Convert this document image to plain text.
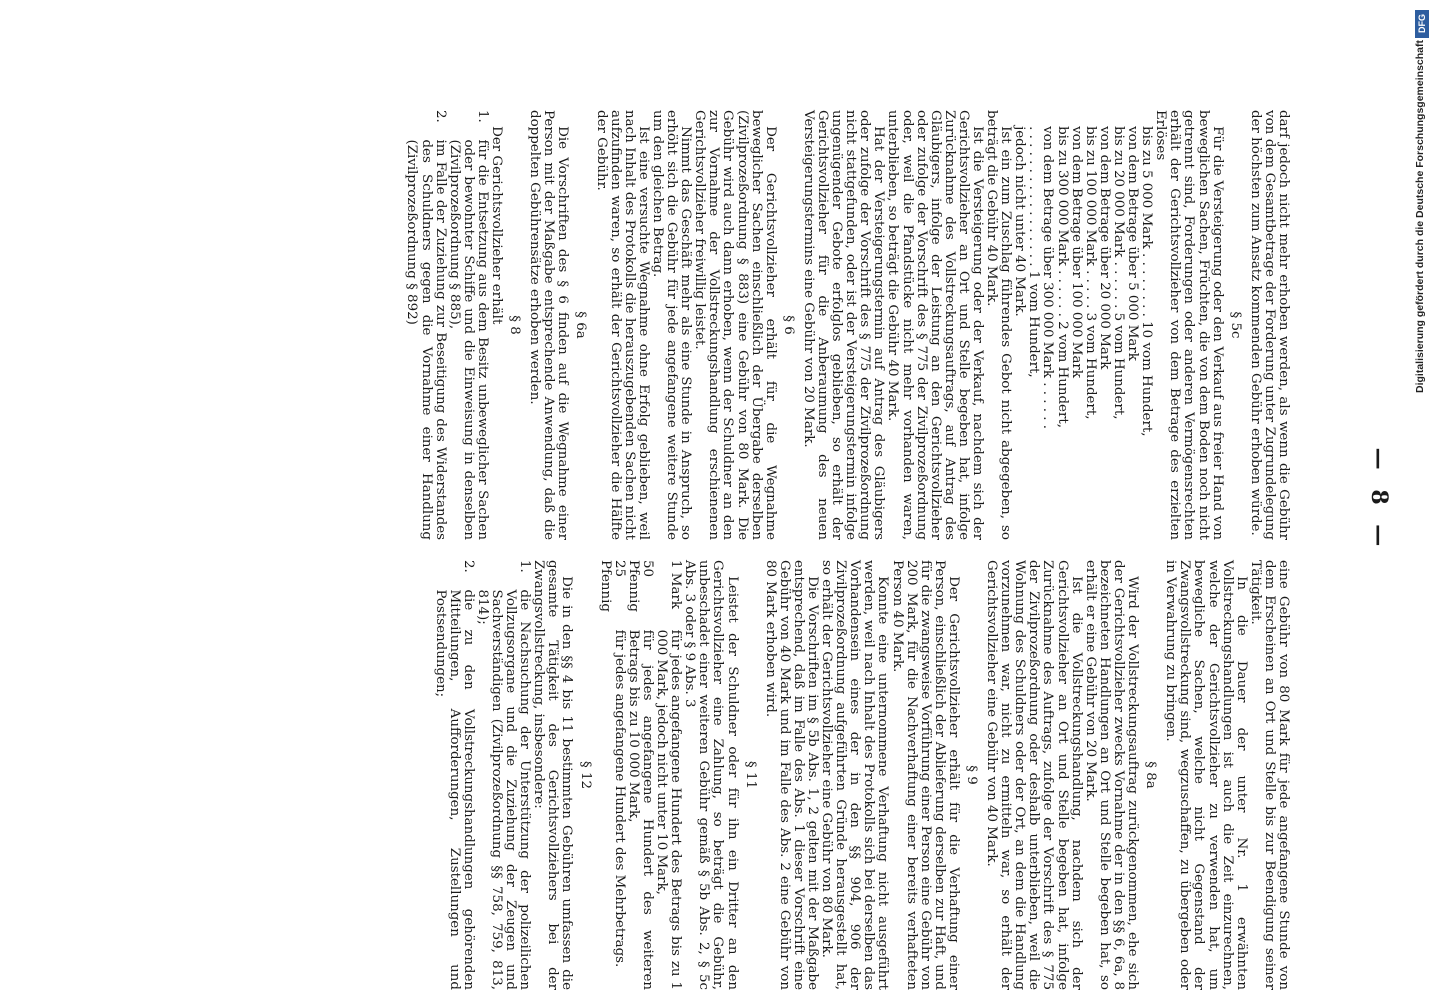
— 8 —

darf jedoch nicht mehr erhoben werden, als wenn die Gebühr von dem Gesamtbetrage der Forderung unter Zugrundelegung der höchsten zum Ansatz kommenden Gebühr erhoben würde.

§ 5c

Für die Versteigerung oder den Verkauf aus freier Hand von beweglichen Sachen, Früchten, die von dem Boden noch nicht getrennt sind, Forderungen oder anderen Vermögensrechten erhält der Gerichtsvollzieher von dem Betrage des erzielten Erlöses

bis zu 5 000 Mark . . . . . . . . 10 vom Hundert,
von dem Betrage über 5 000 Mark
bis zu 20 000 Mark . . . . . . 5 vom Hundert,
von dem Betrage über 20 000 Mark
bis zu 100 000 Mark . . . . . 3 vom Hundert,
von dem Betrage über 100 000 Mark
bis zu 300 000 Mark . . . . . . 2 vom Hundert,
von dem Betrage über 300 000 Mark . . . . . .
. . . . . . . . . . . . . . . . . 1 vom Hundert,
jedoch nicht unter 40 Mark.

Ist ein zum Zuschlag führendes Gebot nicht abgegeben, so beträgt die Gebühr 40 Mark.

Ist die Versteigerung oder der Verkauf, nachdem sich der Gerichtsvollzieher an Ort und Stelle begeben hat, infolge Zurücknahme des Vollstreckungsauftrags, auf Antrag des Gläubigers, infolge der Leistung an den Gerichtsvollzieher oder zufolge der Vorschrift des § 775 der Zivilprozeßordnung oder, weil die Pfandstücke nicht mehr vorhanden waren, unterblieben, so beträgt die Gebühr 40 Mark.

Hat der Versteigerungstermin auf Antrag des Gläubigers oder zufolge der Vorschrift des § 775 der Zivilprozeßordnung nicht stattgefunden, oder ist der Versteigerungstermin infolge ungenügender Gebote erfolglos geblieben, so erhält der Gerichtsvollzieher für die Anberaumung des neuen Versteigerungstermins eine Gebühr von 20 Mark.

§ 6

Der Gerichtsvollzieher erhält für die Wegnahme beweglicher Sachen einschließlich der Übergabe derselben (Zivilprozeßordnung § 883) eine Gebühr von 80 Mark. Die Gebühr wird auch dann erhoben, wenn der Schuldner an den zur Vornahme der Vollstreckungshandlung erschienenen Gerichtsvollzieher freiwillig leistet.

Nimmt das Geschäft mehr als eine Stunde in Anspruch, so erhöht sich die Gebühr für jede angefangene weitere Stunde um den gleichen Betrag.

Ist eine versuchte Wegnahme ohne Erfolg geblieben, weil nach Inhalt des Protokolls die herauszugebenden Sachen nicht aufzufinden waren, so erhält der Gerichtsvollzieher die Hälfte der Gebühr.

§ 6a

Die Vorschriften des § 6 finden auf die Wegnahme einer Person mit der Maßgabe entsprechende Anwendung, daß die doppelten Gebührensätze erhoben werden.

§ 8

Der Gerichtsvollzieher erhält

1.
für die Entsetzung aus dem Besitz unbeweglicher Sachen oder bewohnter Schiffe und die Einweisung in denselben (Zivilprozeßordnung § 885),
2.
im Falle der Zuziehung zur Beseitigung des Widerstandes des Schuldners gegen die Vornahme einer Handlung (Zivilprozeßordnung § 892)

eine Gebühr von 80 Mark für jede angefangene Stunde von dem Erscheinen an Ort und Stelle bis zur Beendigung seiner Tätigkeit.

In die Dauer der unter Nr. 1 erwähnten Vollstreckungshandlungen ist auch die Zeit einzurechnen, welche der Gerichtsvollzieher zu verwenden hat, um bewegliche Sachen, welche nicht Gegenstand der Zwangsvollstreckung sind, wegzuschaffen, zu übergeben oder in Verwahrung zu bringen.

§ 8a

Wird der Vollstreckungsauftrag zurückgenommen, ehe sich der Gerichtsvollzieher zwecks Vornahme der in den §§ 6, 6a, 8 bezeichneten Handlungen an Ort und Stelle begeben hat, so erhält er eine Gebühr von 20 Mark.

Ist die Vollstreckungshandlung, nachdem sich der Gerichtsvollzieher an Ort und Stelle begeben hat, infolge Zurücknahme des Auftrags, zufolge der Vorschrift des § 775 der Zivilprozeßordnung oder deshalb unterblieben, weil die Wohnung des Schuldners oder der Ort, an dem die Handlung vorzunehmen war, nicht zu ermitteln war, so erhält der Gerichtsvollzieher eine Gebühr von 40 Mark.

§ 9

Der Gerichtsvollzieher erhält für die Verhaftung einer Person, einschließlich der Ablieferung derselben zur Haft, und für die zwangsweise Vorführung einer Person eine Gebühr von 200 Mark, für die Nachverhaftung einer bereits verhafteten Person 40 Mark.

Konnte eine unternommene Verhaftung nicht ausgeführt werden, weil nach Inhalt des Protokolls sich bei derselben das Vorhandensein eines der in den §§ 904, 906 der Zivilprozeßordnung aufgeführten Gründe herausgestellt hat, so erhält der Gerichtsvollzieher eine Gebühr von 80 Mark.

Die Vorschriften im § 5b Abs. 1, 2 gelten mit der Maßgabe entsprechend, daß im Falle des Abs. 1 dieser Vorschrift eine Gebühr von 40 Mark und im Falle des Abs. 2 eine Gebühr von 80 Mark erhoben wird.

§ 11

Leistet der Schuldner oder für ihn ein Dritter an den Gerichtsvollzieher eine Zahlung, so beträgt die Gebühr, unbeschadet einer weiteren Gebühr gemäß § 5b Abs. 2, § 5c Abs. 3 oder § 9 Abs. 3

1 Mark
für jedes angefangene Hundert des Betrags bis zu 1 000 Mark, jedoch nicht unter 10 Mark,
50 Pfennig
für jedes angefangene Hundert des weiteren Betrags bis zu 10 000 Mark,
25 Pfennig
für jedes angefangene Hundert des Mehrbetrags.
§ 12

Die in den §§ 4 bis 11 bestimmten Gebühren umfassen die gesamte Tätigkeit des Gerichtsvollziehers bei der Zwangsvollstreckung, insbesondere:

1.
die Nachsuchung der Unterstützung der polizeilichen Vollzugsorgane und die Zuziehung der Zeugen und Sachverständigen (Zivilprozeßordnung §§ 758, 759, 813, 814);
2.
die zu den Vollstreckungshandlungen gehörenden Mitteilungen, Aufforderungen, Zustellungen und Postsendungen;
DFG
Digitalisierung gefördert durch die Deutsche Forschungsgemeinschaft
